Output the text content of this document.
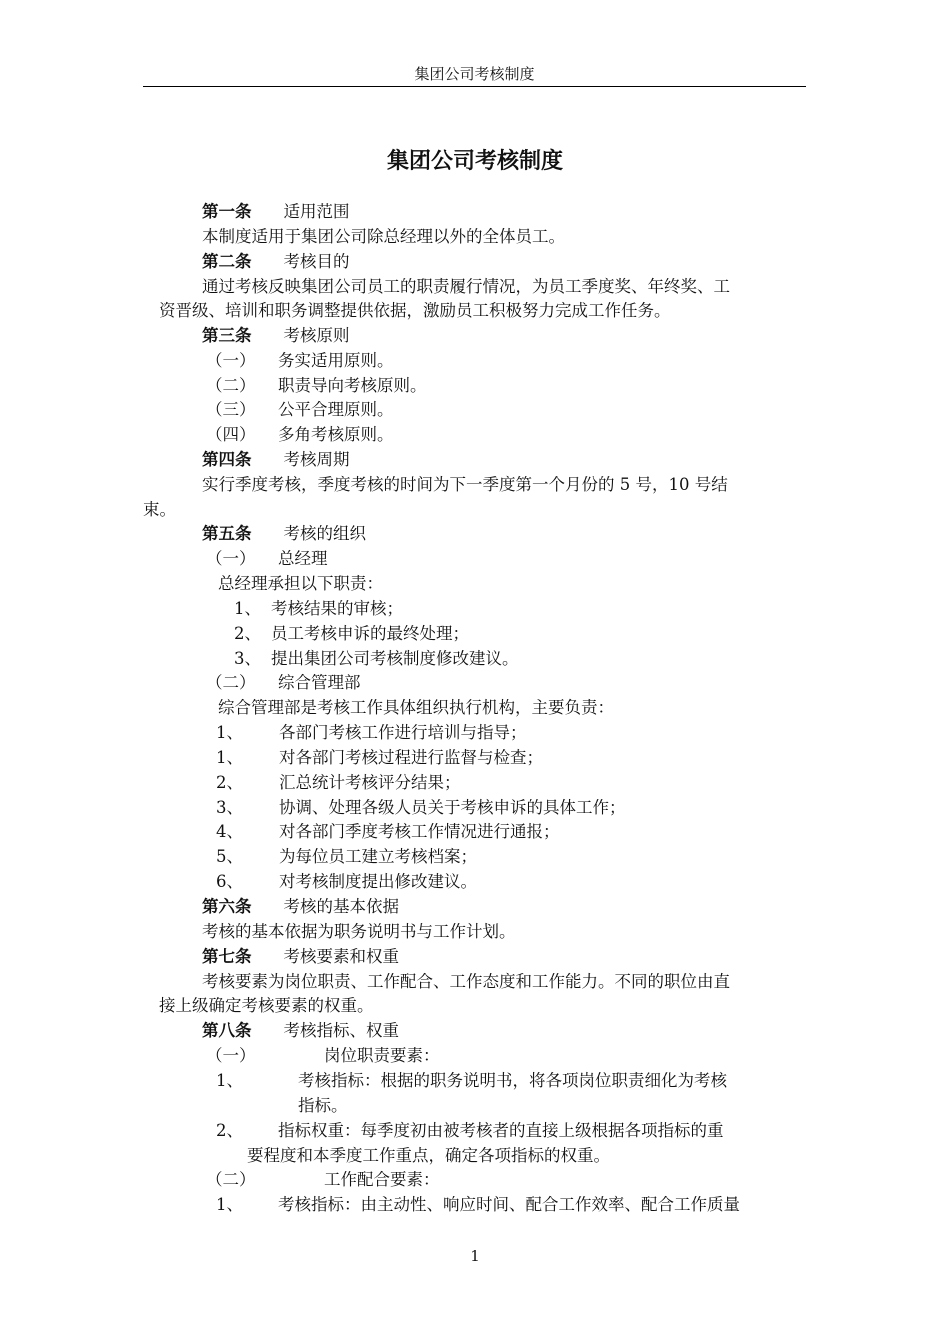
集团公司考核制度
集团公司考核制度
第一条 适用范围
本制度适用于集团公司除总经理以外的全体员工。
第二条 考核目的
通过考核反映集团公司员工的职责履行情况，为员工季度奖、年终奖、工
资晋级、培训和职务调整提供依据，激励员工积极努力完成工作任务。
第三条 考核原则
（一） 务实适用原则。
（二） 职责导向考核原则。
（三） 公平合理原则。
（四） 多角考核原则。
第四条 考核周期
实行季度考核，季度考核的时间为下一季度第一个月份的 5 号，10 号结
束。
第五条 考核的组织
（一） 总经理
总经理承担以下职责：
1、 考核结果的审核；
2、 员工考核申诉的最终处理；
3、 提出集团公司考核制度修改建议。
（二） 综合管理部
综合管理部是考核工作具体组织执行机构，主要负责：
1、 各部门考核工作进行培训与指导；
1、 对各部门考核过程进行监督与检查；
2、 汇总统计考核评分结果；
3、 协调、处理各级人员关于考核申诉的具体工作；
4、 对各部门季度考核工作情况进行通报；
5、 为每位员工建立考核档案；
6、 对考核制度提出修改建议。
第六条 考核的基本依据
考核的基本依据为职务说明书与工作计划。
第七条 考核要素和权重
考核要素为岗位职责、工作配合、工作态度和工作能力。不同的职位由直
接上级确定考核要素的权重。
第八条 考核指标、权重
（一）	岗位职责要素：
1、	考核指标：根据的职务说明书，将各项岗位职责细化为考核
指标。
2、 指标权重：每季度初由被考核者的直接上级根据各项指标的重
要程度和本季度工作重点，确定各项指标的权重。
（二）	工作配合要素：
1、 考核指标：由主动性、响应时间、配合工作效率、配合工作质量
1
